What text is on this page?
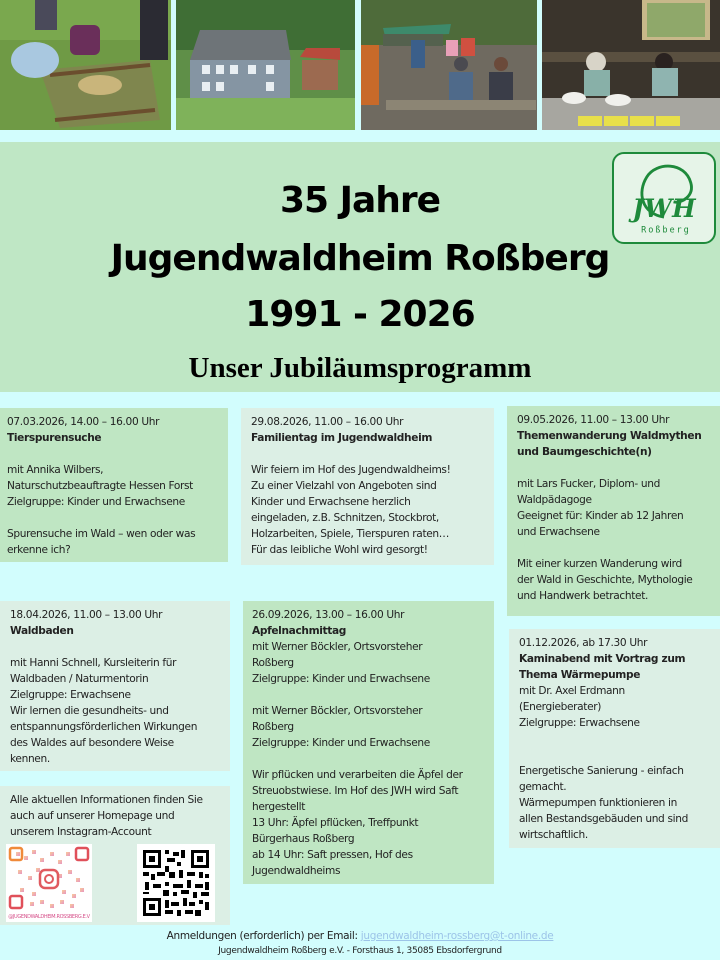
35 Jahre
Jugendwaldheim Roßberg
1991 - 2026
Unser Jubiläumsprogramm
JWH
Roßberg
07.03.2026, 14.00 – 16.00 Uhr
Tierspurensuche
mit Annika Wilbers,
Naturschutzbeauftragte Hessen Forst
Zielgruppe: Kinder und Erwachsene
Spurensuche im Wald – wen oder was
erkenne ich?
29.08.2026, 11.00 – 16.00 Uhr
Familientag im Jugendwaldheim
Wir feiern im Hof des Jugendwaldheims!
Zu einer Vielzahl von Angeboten sind
Kinder und Erwachsene herzlich
eingeladen, z.B. Schnitzen, Stockbrot,
Holzarbeiten, Spiele, Tierspuren raten…
Für das leibliche Wohl wird gesorgt!
09.05.2026, 11.00 – 13.00 Uhr
Themenwanderung Waldmythen
und Baumgeschichte(n)
mit Lars Fucker, Diplom- und
Waldpädagoge
Geeignet für: Kinder ab 12 Jahren
und Erwachsene
Mit einer kurzen Wanderung wird
der Wald in Geschichte, Mythologie
und Handwerk betrachtet.
18.04.2026, 11.00 – 13.00 Uhr
Waldbaden
mit Hanni Schnell, Kursleiterin für
Waldbaden / Naturmentorin
Zielgruppe: Erwachsene
Wir lernen die gesundheits- und
entspannungsförderlichen Wirkungen
des Waldes auf besondere Weise
kennen.
26.09.2026, 13.00 – 16.00 Uhr
Apfelnachmittag
mit Werner Böckler, Ortsvorsteher
Roßberg
Zielgruppe: Kinder und Erwachsene
mit Werner Böckler, Ortsvorsteher
Roßberg
Zielgruppe: Kinder und Erwachsene
Wir pflücken und verarbeiten die Äpfel der
Streuobstwiese. Im Hof des JWH wird Saft
hergestellt
13 Uhr: Äpfel pflücken, Treffpunkt
Bürgerhaus Roßberg
ab 14 Uhr: Saft pressen, Hof des
Jugendwaldheims
01.12.2026, ab 17.30 Uhr
Kaminabend mit Vortrag zum
Thema Wärmepumpe
mit Dr. Axel Erdmann
(Energieberater)
Zielgruppe: Erwachsene
Energetische Sanierung - einfach
gemacht.
Wärmepumpen funktionieren in
allen Bestandsgebäuden und sind
wirtschaftlich.
Alle aktuellen Informationen finden Sie
auch auf unserer Homepage und
unserem Instagram-Account
@JUGENDWALDHEIM.ROSSBERG.E.V
Anmeldungen (erforderlich) per Email: jugendwaldheim-rossberg@t-online.de
Jugendwaldheim Roßberg e.V. - Forsthaus 1, 35085 Ebsdorfergrund
